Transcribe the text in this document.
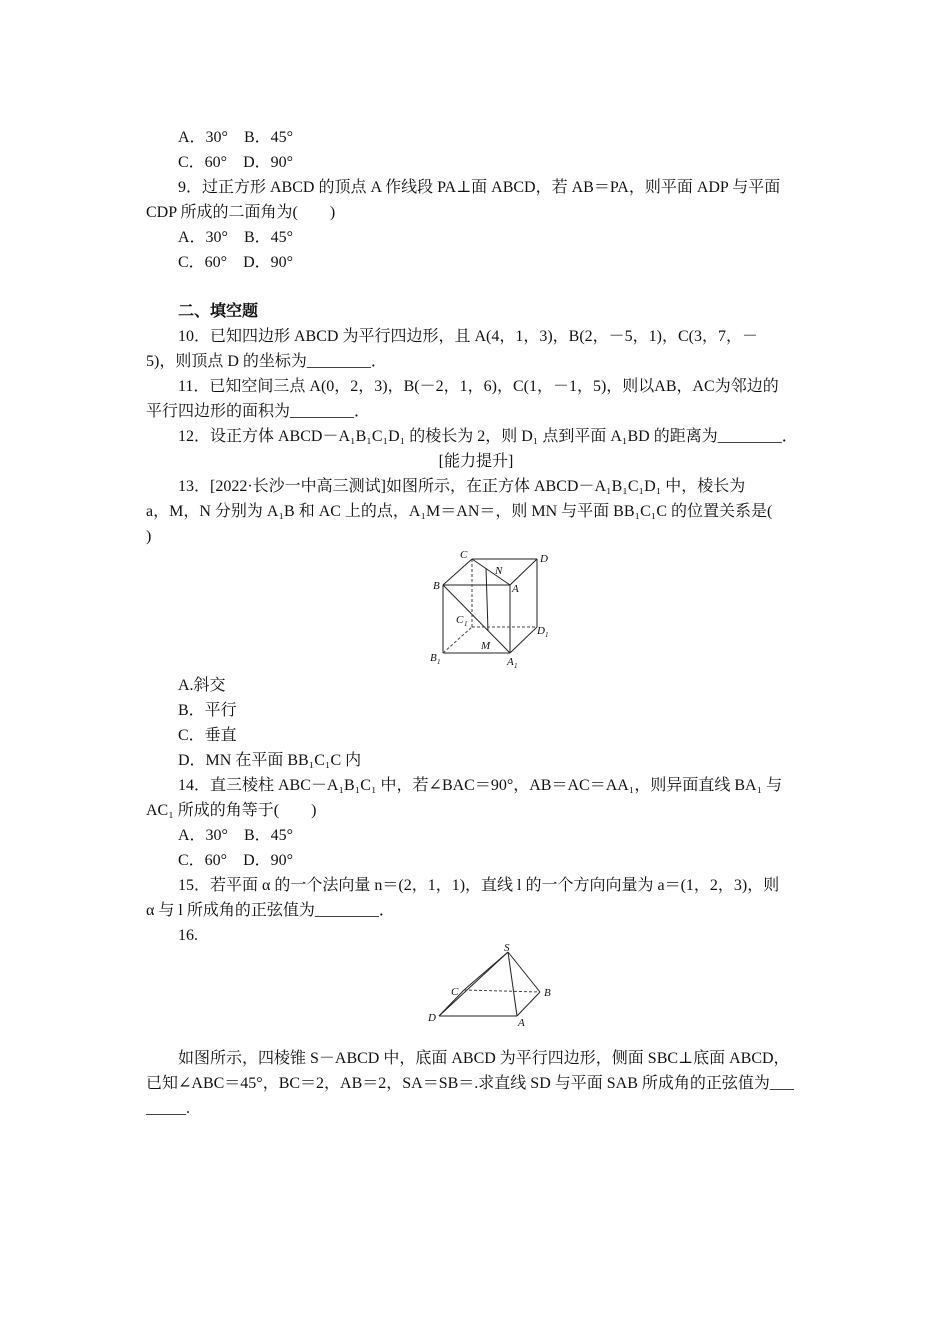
A．30°　B．45°
C．60°　D．90°
9．过正方形 ABCD 的顶点 A 作线段 PA⊥面 ABCD，若 AB＝PA，则平面 ADP 与平面
CDP 所成的二面角为(　　)
A．30°　B．45°
C．60°　D．90°
二、填空题
10．已知四边形 ABCD 为平行四边形，且 A(4，1，3)，B(2，－5，1)，C(3，7，－
5)，则顶点 D 的坐标为________．
11．已知空间三点 A(0，2，3)，B(－2，1，6)，C(1，－1，5)，则以AB，AC为邻边的
平行四边形的面积为________．
12．设正方体 ABCD－A₁B₁C₁D₁ 的棱长为 2，则 D₁ 点到平面 A₁BD 的距离为________．
[能力提升]
13．[2022·长沙一中高三测试]如图所示，在正方体 ABCD－A₁B₁C₁D₁ 中，棱长为
a，M，N 分别为 A₁B 和 AC 上的点，A₁M＝AN＝，则 MN 与平面 BB₁C₁C 的位置关系是(
)
C	D
N
B	A
C 1
D 1
M
B 1	A 1
A.斜交
B．平行
C．垂直
D．MN 在平面 BB₁C₁C 内
14．直三棱柱 ABC－A₁B₁C₁ 中，若∠BAC＝90°，AB＝AC＝AA₁，则异面直线 BA₁ 与
AC₁ 所成的角等于(　　)
A．30°　B．45°
C．60°　D．90°
15．若平面 α 的一个法向量 n＝(2，1，1)，直线 l 的一个方向向量为 a＝(1，2，3)，则
α 与 l 所成角的正弦值为________．
16.
S
C	B
D	A
如图所示，四棱锥 S－ABCD 中，底面 ABCD 为平行四边形，侧面 SBC⊥底面 ABCD，
已知∠ABC＝45°，BC＝2，AB＝2，SA＝SB＝.求直线 SD 与平面 SAB 所成角的正弦值为___
_____.
